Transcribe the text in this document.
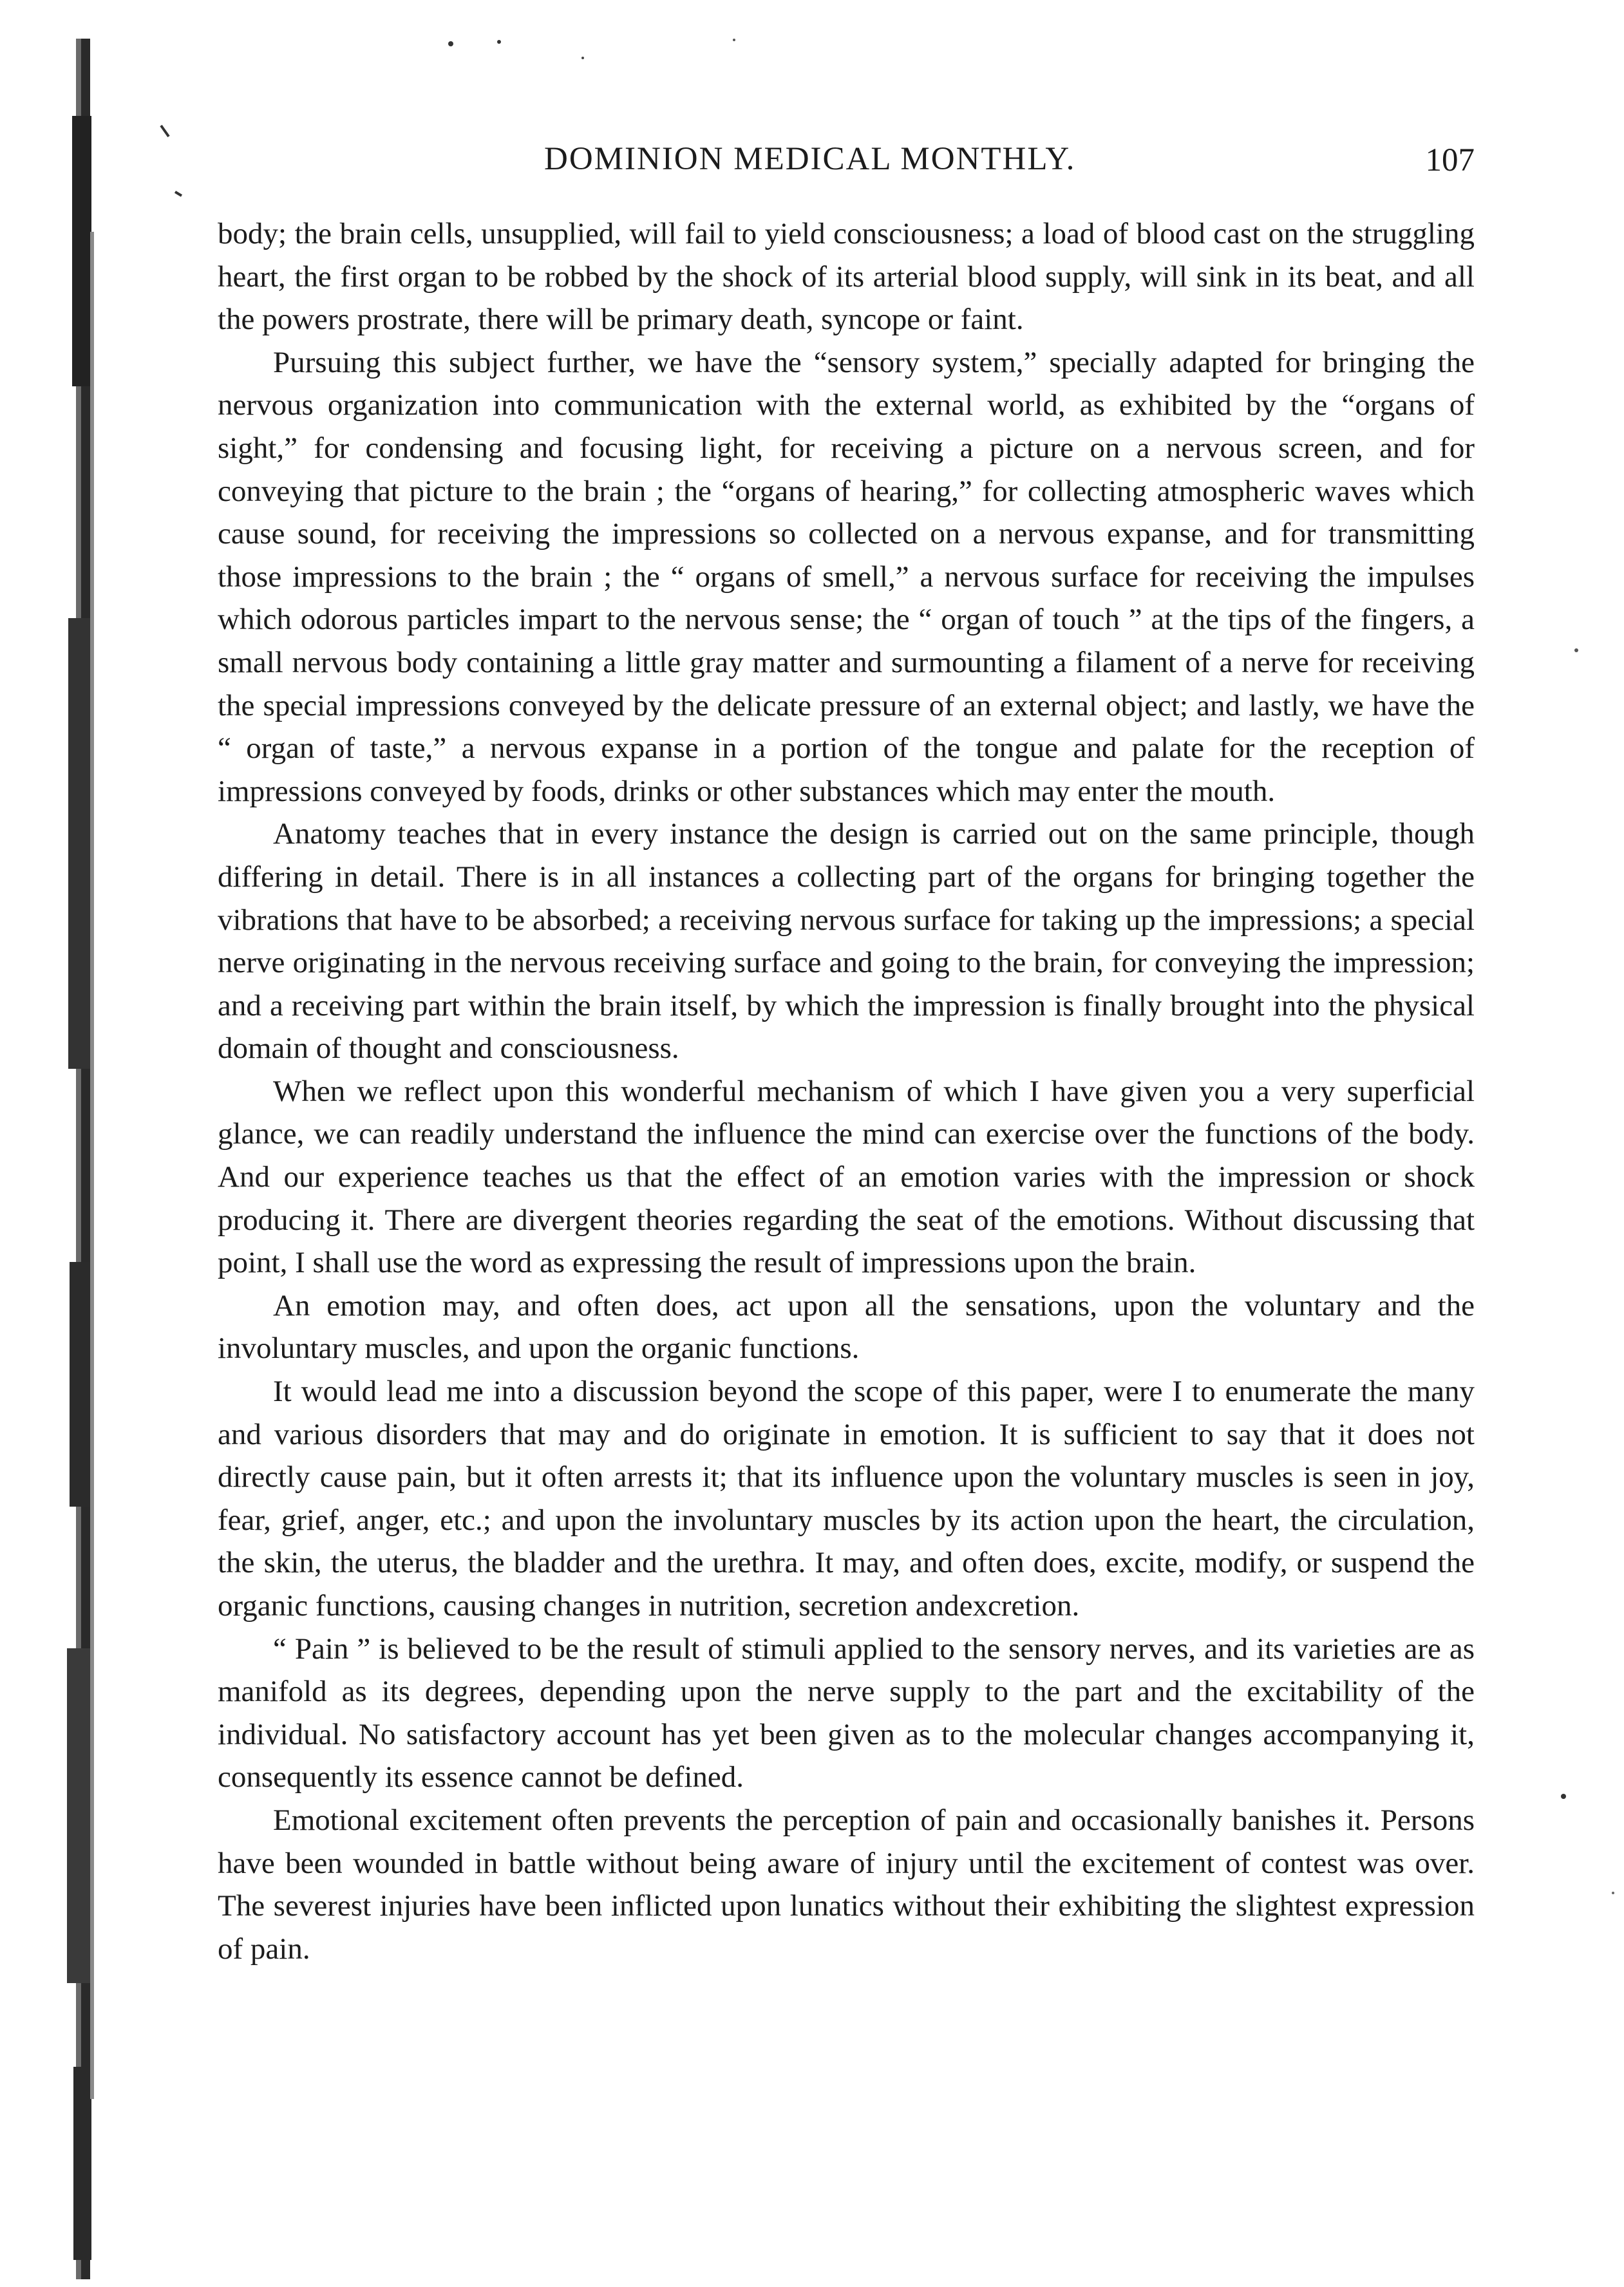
DOMINION MEDICAL MONTHLY.	107

body; the brain cells, unsupplied, will fail to yield consciousness; a load of blood cast on the struggling heart, the first organ to be robbed by the shock of its arterial blood supply, will sink in its beat, and all the powers prostrate, there will be primary death, syncope or faint.

Pursuing this subject further, we have the “sensory system,” specially adapted for bringing the nervous organization into communication with the external world, as exhibited by the “organs of sight,” for condensing and focusing light, for receiving a picture on a nervous screen, and for conveying that picture to the brain ; the “organs of hearing,” for collecting atmospheric waves which cause sound, for receiving the impressions so collected on a nervous expanse, and for transmitting those impressions to the brain ; the “ organs of smell,” a nervous surface for receiving the impulses which odorous particles impart to the nervous sense; the “ organ of touch ” at the tips of the fingers, a small nervous body containing a little gray matter and surmounting a filament of a nerve for receiving the special impressions conveyed by the delicate pressure of an external object; and lastly, we have the “ organ of taste,” a nervous expanse in a portion of the tongue and palate for the reception of impressions conveyed by foods, drinks or other substances which may enter the mouth.

Anatomy teaches that in every instance the design is carried out on the same principle, though differing in detail. There is in all instances a collecting part of the organs for bringing together the vibrations that have to be absorbed; a receiving nervous surface for taking up the impressions; a special nerve originating in the nervous receiving surface and going to the brain, for conveying the impression; and a receiving part within the brain itself, by which the impression is finally brought into the physical domain of thought and consciousness.

When we reflect upon this wonderful mechanism of which I have given you a very superficial glance, we can readily understand the influence the mind can exercise over the functions of the body. And our experience teaches us that the effect of an emotion varies with the impression or shock producing it. There are divergent theories regarding the seat of the emotions. Without discussing that point, I shall use the word as expressing the result of impressions upon the brain.

An emotion may, and often does, act upon all the sensations, upon the voluntary and the involuntary muscles, and upon the organic functions.

It would lead me into a discussion beyond the scope of this paper, were I to enumerate the many and various disorders that may and do originate in emotion. It is sufficient to say that it does not directly cause pain, but it often arrests it; that its influence upon the voluntary muscles is seen in joy, fear, grief, anger, etc.; and upon the involuntary muscles by its action upon the heart, the circulation, the skin, the uterus, the bladder and the urethra. It may, and often does, excite, modify, or suspend the organic functions, causing changes in nutrition, secretion andexcretion.

“ Pain ” is believed to be the result of stimuli applied to the sensory nerves, and its varieties are as manifold as its degrees, depending upon the nerve supply to the part and the excitability of the individual. No satisfactory account has yet been given as to the molecular changes accompanying it, consequently its essence cannot be defined.

Emotional excitement often prevents the perception of pain and occasionally banishes it. Persons have been wounded in battle without being aware of injury until the excitement of contest was over. The severest injuries have been inflicted upon lunatics without their exhibiting the slightest expression of pain.
